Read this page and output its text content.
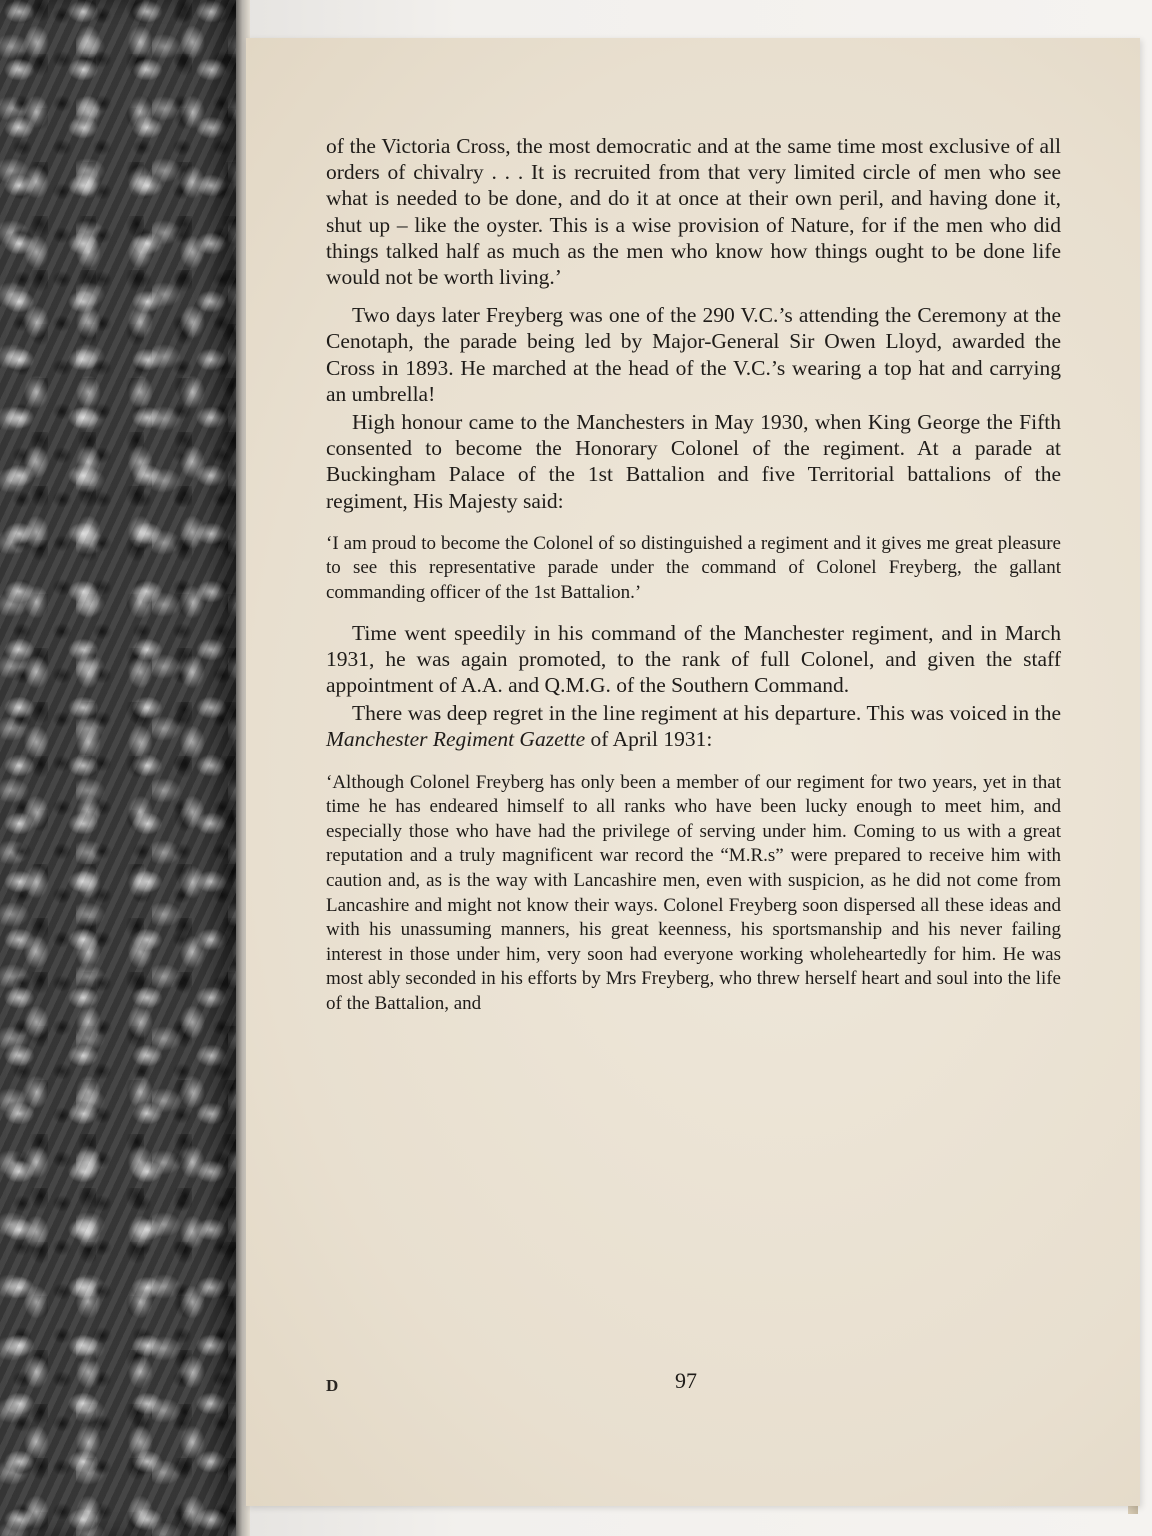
of the Victoria Cross, the most democratic and at the same time most exclusive of all orders of chivalry . . . It is recruited from that very limited circle of men who see what is needed to be done, and do it at once at their own peril, and having done it, shut up – like the oyster. This is a wise provision of Nature, for if the men who did things talked half as much as the men who know how things ought to be done life would not be worth living.’

Two days later Freyberg was one of the 290 V.C.’s attending the Ceremony at the Cenotaph, the parade being led by Major-General Sir Owen Lloyd, awarded the Cross in 1893. He marched at the head of the V.C.’s wearing a top hat and carrying an umbrella!

High honour came to the Manchesters in May 1930, when King George the Fifth consented to become the Honorary Colonel of the regiment. At a parade at Buckingham Palace of the 1st Battalion and five Territorial battalions of the regiment, His Majesty said:

‘I am proud to become the Colonel of so distinguished a regiment and it gives me great pleasure to see this representative parade under the command of Colonel Freyberg, the gallant commanding officer of the 1st Battalion.’

Time went speedily in his command of the Manchester regiment, and in March 1931, he was again promoted, to the rank of full Colonel, and given the staff appointment of A.A. and Q.M.G. of the Southern Command.

There was deep regret in the line regiment at his departure. This was voiced in the Manchester Regiment Gazette of April 1931:

‘Although Colonel Freyberg has only been a member of our regiment for two years, yet in that time he has endeared himself to all ranks who have been lucky enough to meet him, and especially those who have had the privilege of serving under him. Coming to us with a great reputation and a truly magnificent war record the “M.R.s” were prepared to receive him with caution and, as is the way with Lancashire men, even with suspicion, as he did not come from Lancashire and might not know their ways. Colonel Freyberg soon dispersed all these ideas and with his unassuming manners, his great keenness, his sportsmanship and his never failing interest in those under him, very soon had everyone working wholeheartedly for him. He was most ably seconded in his efforts by Mrs Freyberg, who threw herself heart and soul into the life of the Battalion, and

D	97
